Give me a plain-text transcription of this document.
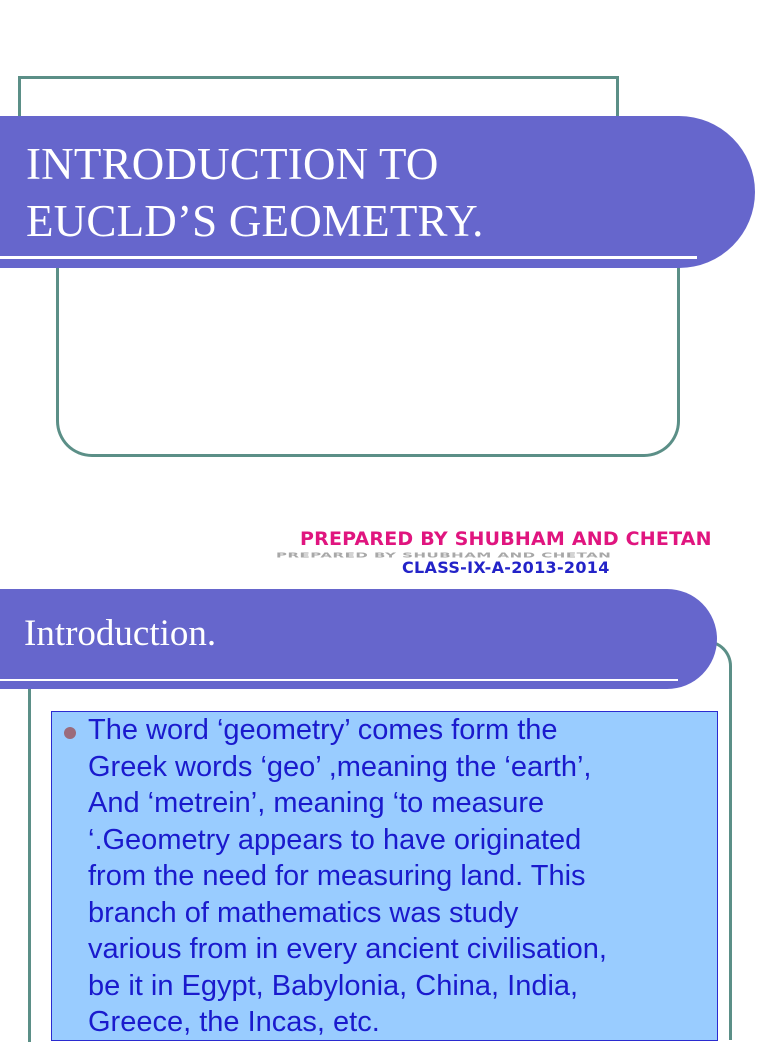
INTRODUCTION TO
EUCLD’S GEOMETRY.
PREPARED BY SHUBHAM AND CHETAN
PREPARED BY SHUBHAM AND CHETAN
CLASS-IX-A-2013-2014
Introduction.

The word ‘geometry’ comes form the
Greek words ‘geo’ ,meaning the ‘earth’,
And ‘metrein’, meaning ‘to measure
‘.Geometry appears to have originated
from the need for measuring land. This
branch of mathematics was study
various from in every ancient civilisation,
be it in Egypt, Babylonia, China, India,
Greece, the Incas, etc.
